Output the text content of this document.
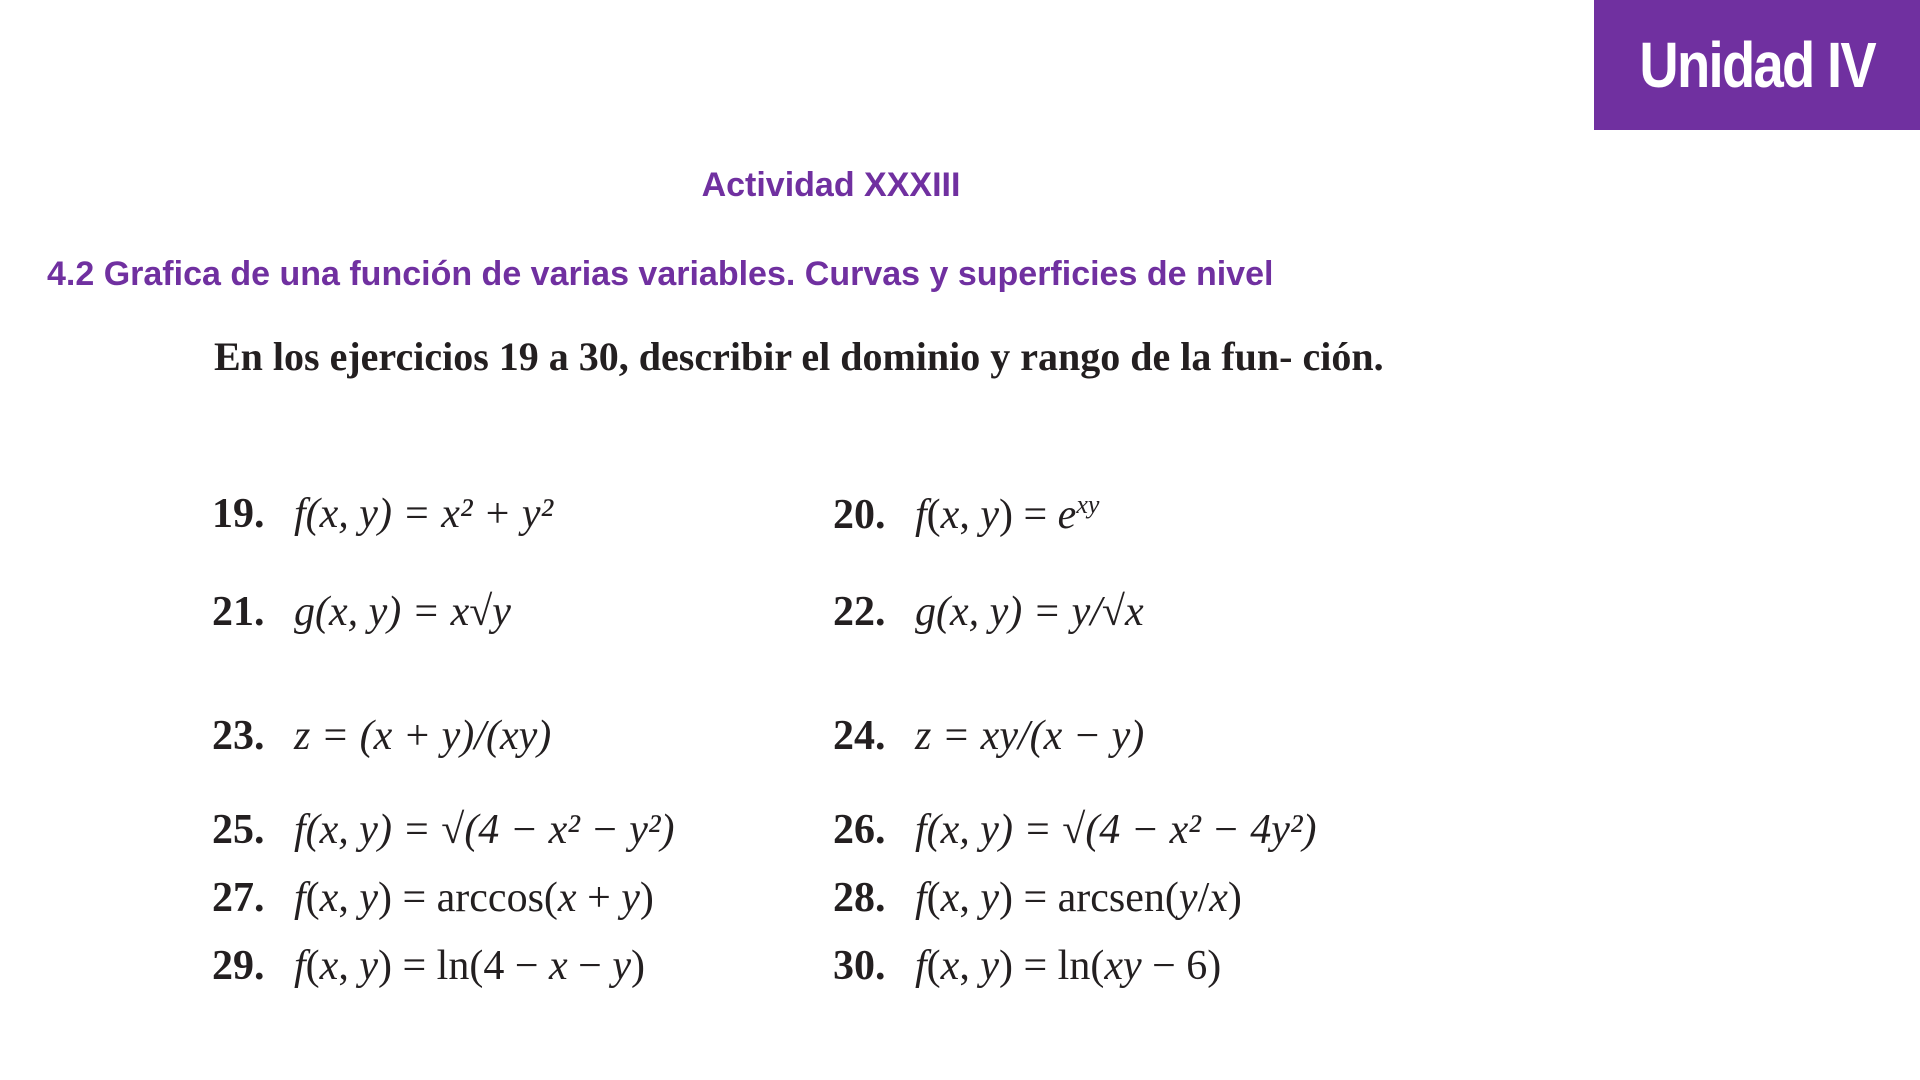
Unidad IV
Actividad XXXIII
4.2 Grafica de una función de varias variables. Curvas y superficies de nivel
En los ejercicios 19 a 30, describir el dominio y rango de la fun- ción.
19. f(x, y) = x² + y²	20. f(x, $y) = e^{xy}$
21. g(x, y) = x√y	22. g(x, y) = y/√x
23. z = (x + y)/(xy)	24. z = xy/(x − y)
25. f(x, y) = √(4 − x² − y²)	26. f(x, y) = √(4 − x² − 4y²)
27. f(x, y) = arccos(x + y)	28. f(x, y) = arcsen(y/x)
29. f(x, y) = ln(4 − x − y)	30. f(x, y) = ln(xy − 6)
